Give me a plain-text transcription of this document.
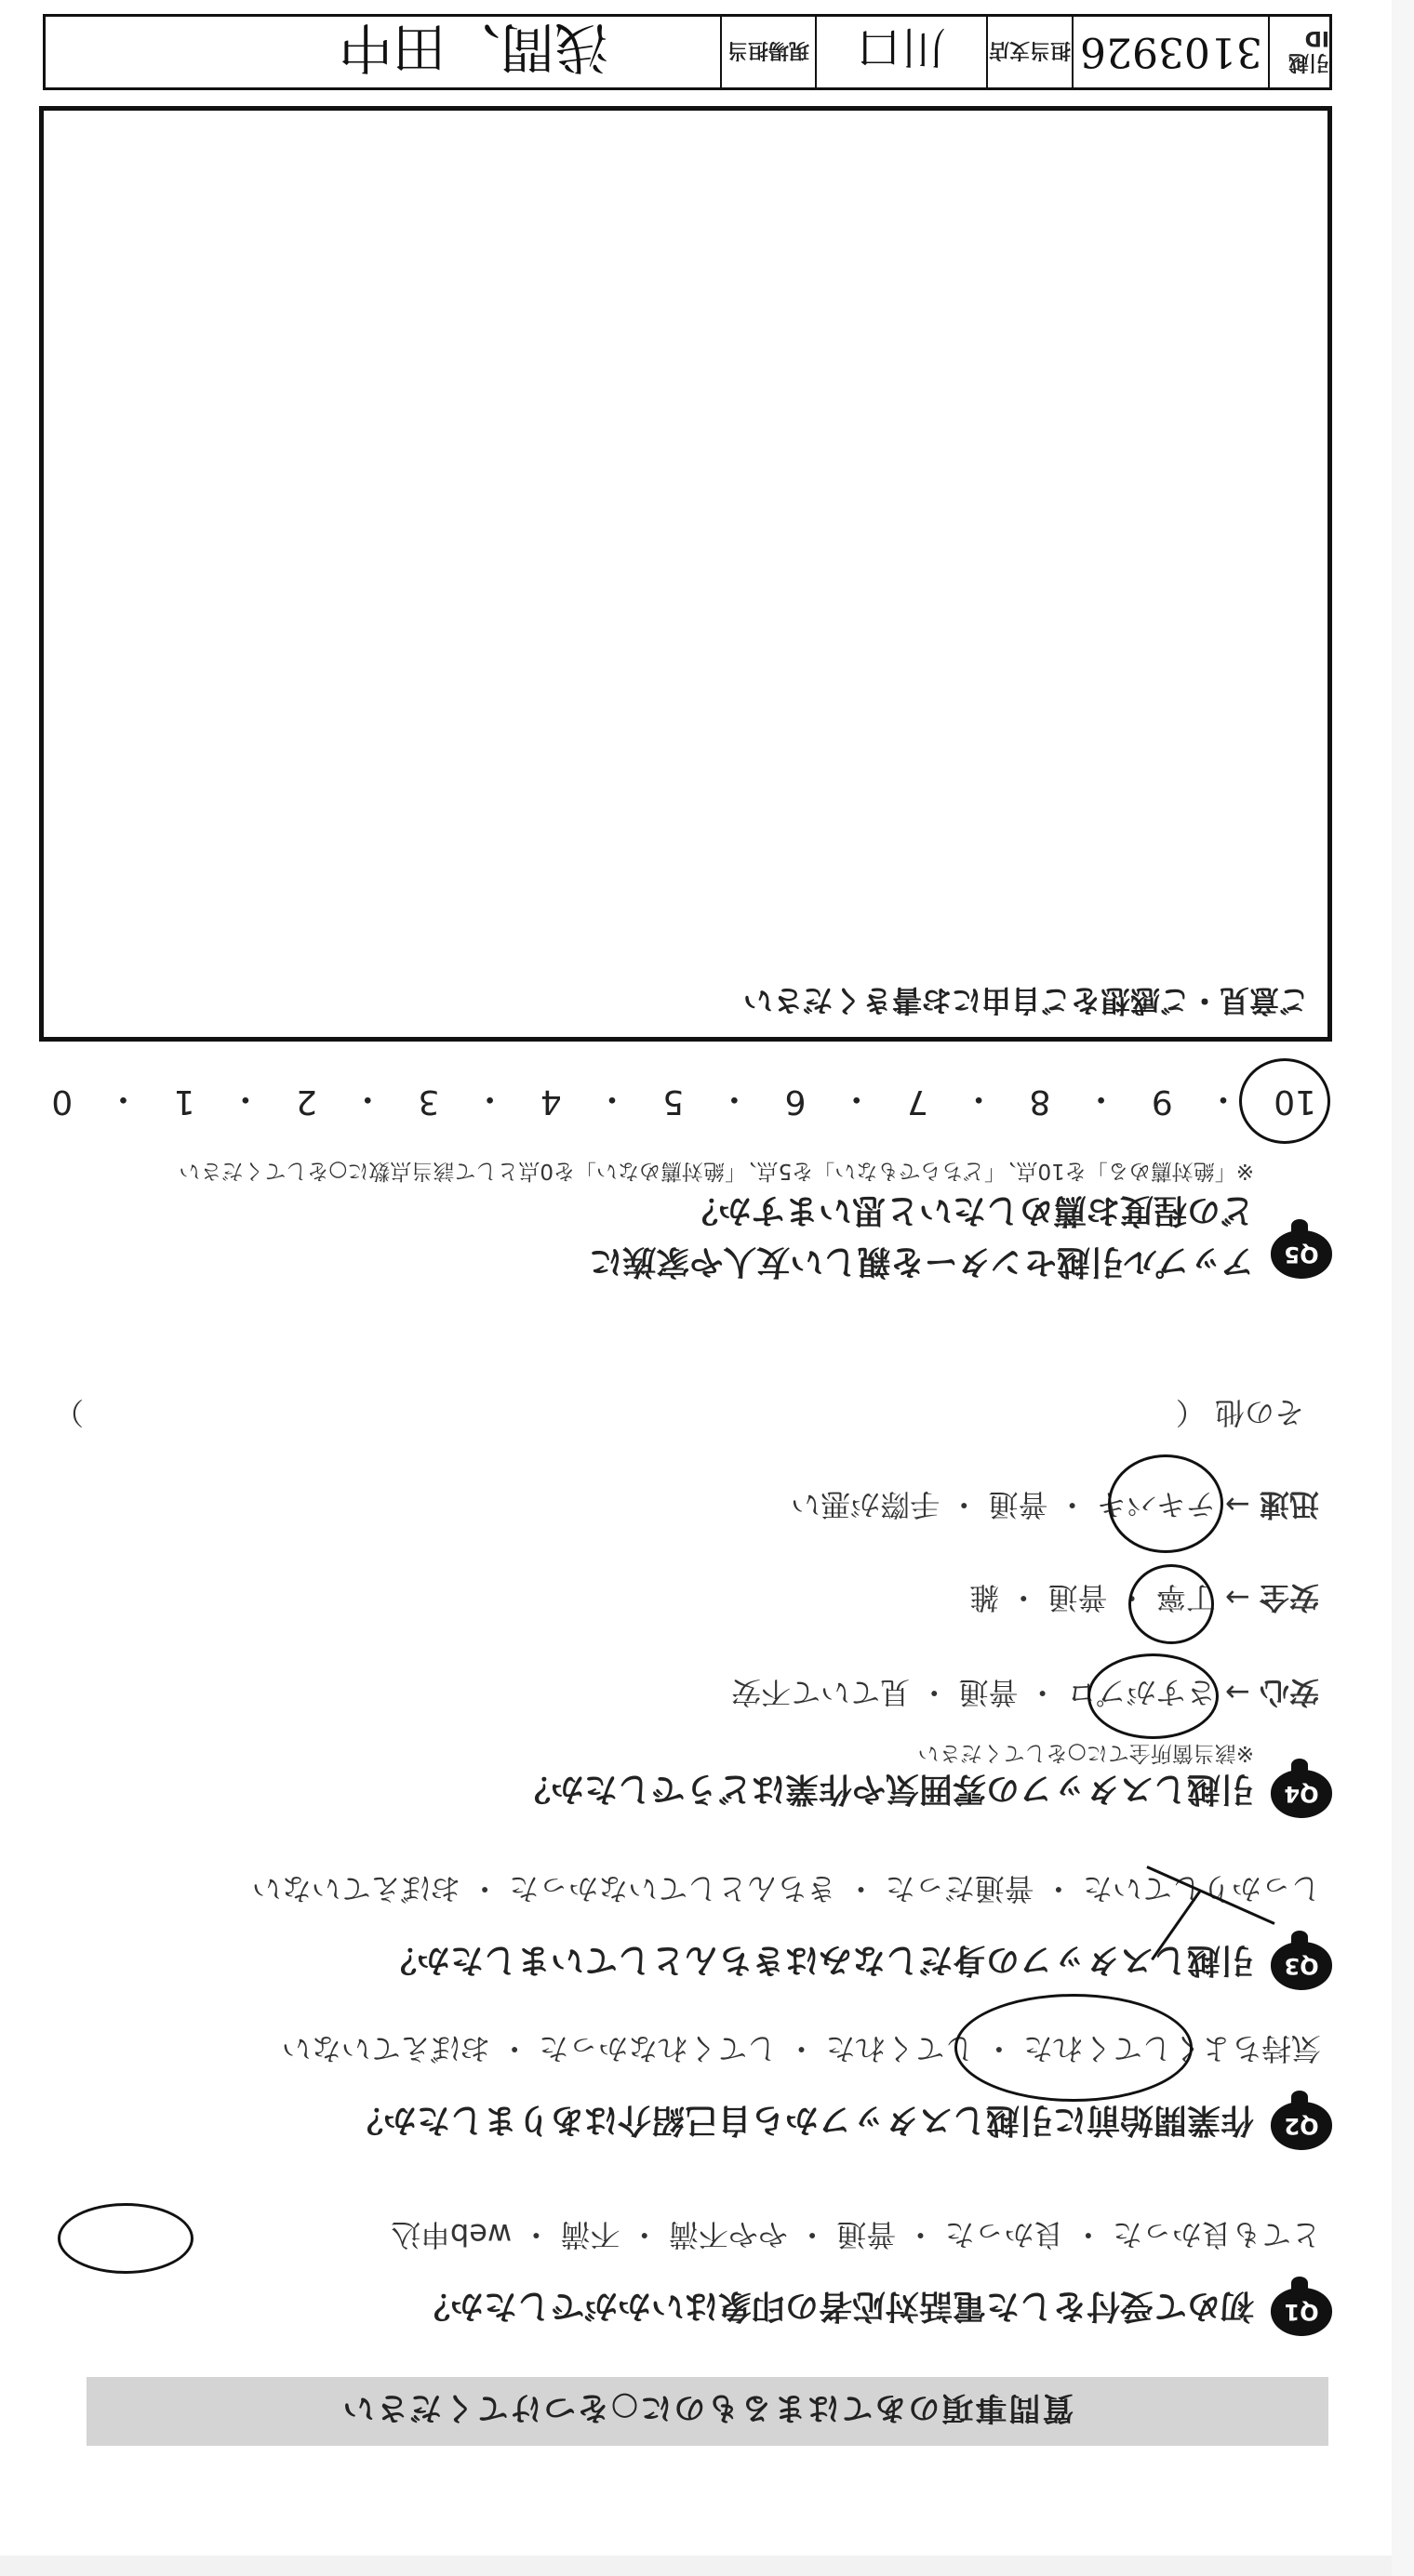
質問事項のあてはまるものに○をつけてください
Q1
初めて受付をした電話対応者の印象はいかがでしたか？
とても良かった ・ 良かった ・ 普通 ・ やや不満 ・ 不満 ・ web申込
Q2
作業開始前に引越しスタッフから自己紹介はありましたか？
気持ちよくしてくれた ・ してくれた ・ してくれなかった ・ おぼえていない
Q3
引越しスタッフの身だしなみはきちんとしていましたか？
しっかりしていた ・ 普通だった ・ きちんとしていなかった ・ おぼえていない
Q4
引越しスタッフの雰囲気や作業はどうでしたか？
※該当箇所全てに○をしてください
安心 → さすがプロ ・ 普通 ・ 見ていて不安
安全 → 丁寧 ・ 普通 ・ 雑
迅速 → テキパキ ・ 普通 ・ 手際が悪い
その他 （
）
Q5
アップル引越センターを親しい友人や家族に
どの程度お薦めしたいと思いますか？
※「絶対薦める」を10点、「どちらでもない」を5点、「絶対薦めない」を0点として該当点数に○をしてください
10
・
9
・
8
・
7
・
6
・
5
・
4
・
3
・
2
・
1
・
0
ご意見・ご感想をご自由にお書きください
引越ID
3103926
担当支店
川口
現場担当
浅間、田中
